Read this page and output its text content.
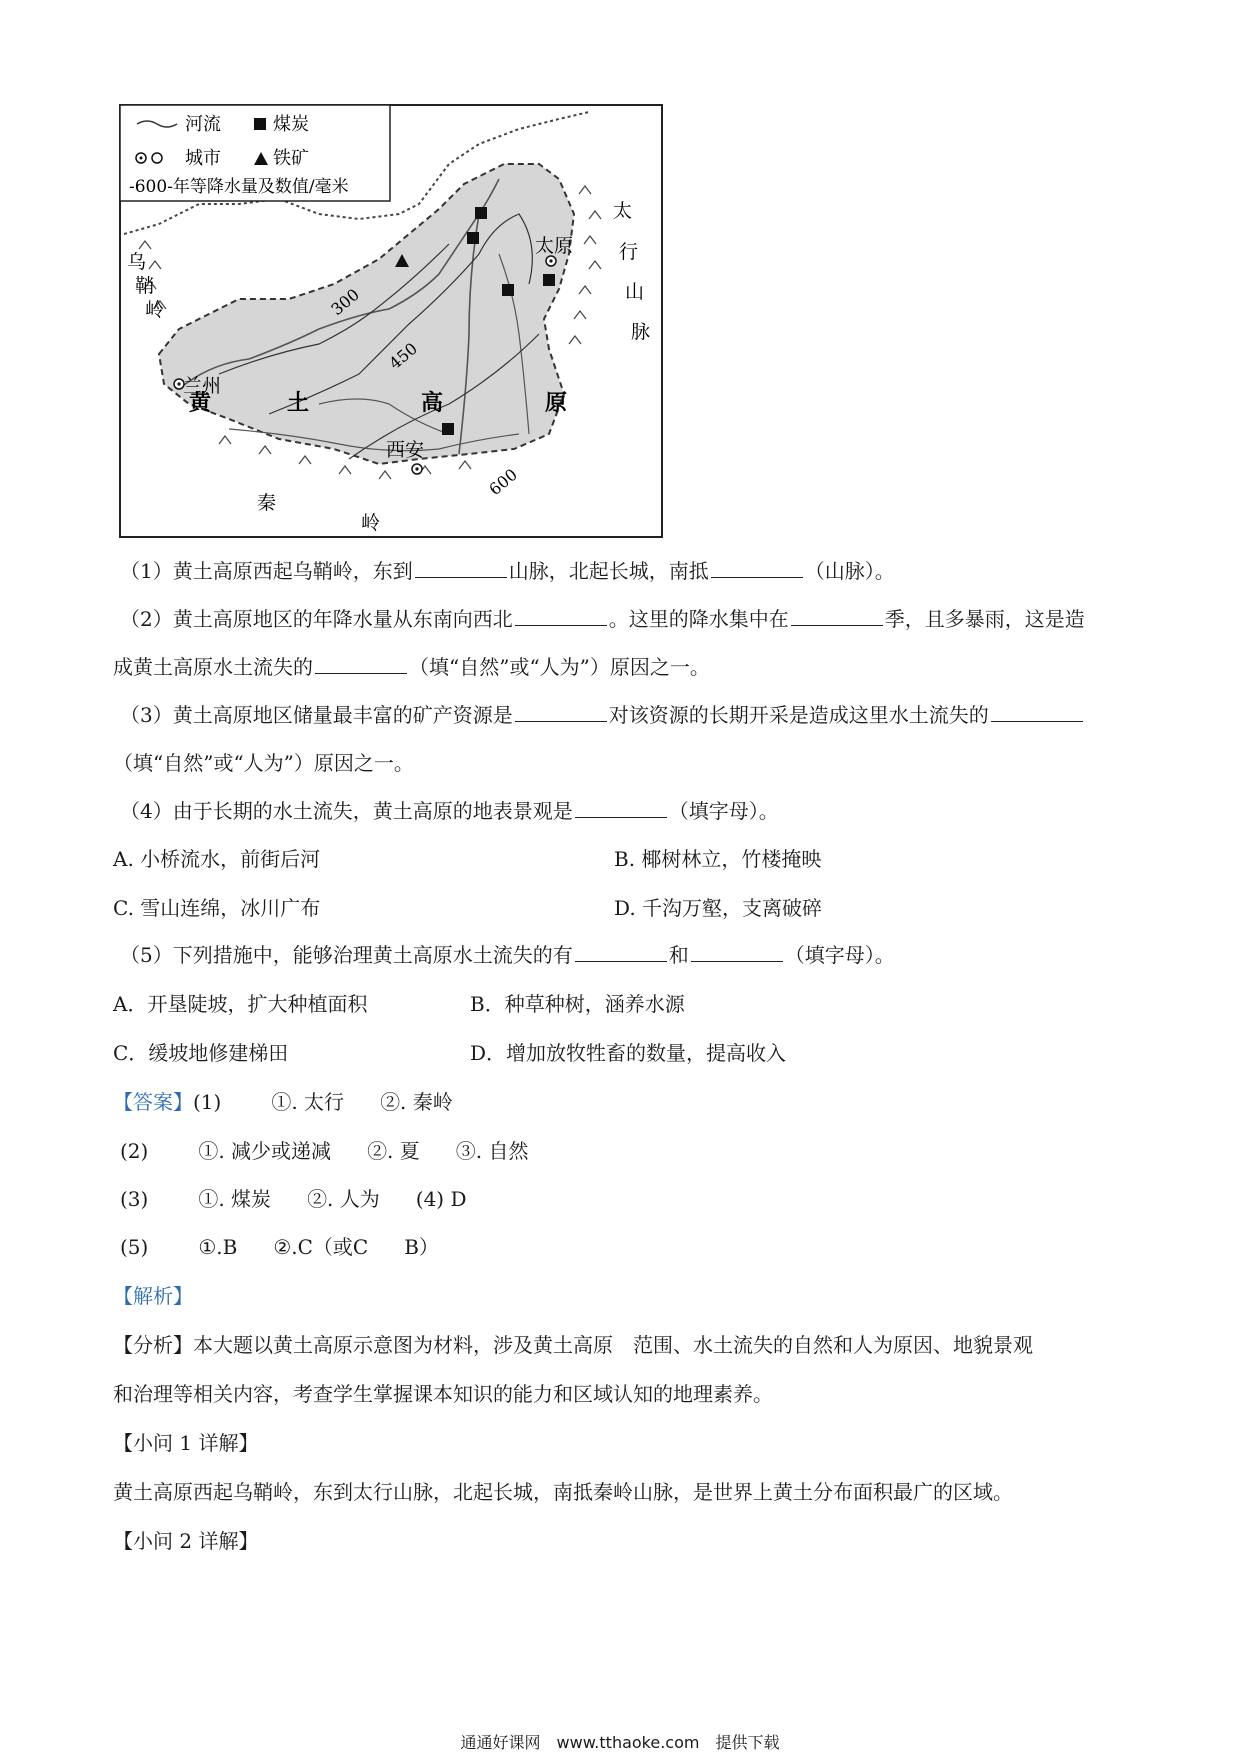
河流	煤炭
城市	铁矿
-600-年等降水量及数值/毫米
乌
鞘
岭
太
行
山
脉
太原
兰州
西安
黄	土	高	原
秦
岭
300
450
600
（1）黄土高原西起乌鞘岭，东到	山脉，北起长城，南抵	（山脉）。
（2）黄土高原地区的年降水量从东南向西北	。这里的降水集中在	季，且多暴雨，这是造
成黄土高原水土流失的	（填“自然”或“人为”）原因之一。
（3）黄土高原地区储量最丰富的矿产资源是	对该资源的长期开采是造成这里水土流失的
（填“自然”或“人为”）原因之一。
（4）由于长期的水土流失，黄土高原的地表景观是	（填字母）。
A. 小桥流水，前街后河	B. 椰树林立，竹楼掩映
C. 雪山连绵，冰川广布	D. 千沟万壑，支离破碎
（5）下列措施中，能够治理黄土高原水土流失的有	和	（填字母）。
A．开垦陡坡，扩大种植面积	B．种草种树，涵养水源
C．缓坡地修建梯田	D．增加放牧牲畜的数量，提高收入
【答案】(1)	①. 太行 ②. 秦岭
(2)	①. 减少或递减 ②. 夏 ③. 自然
(3)	①. 煤炭 ②. 人为 (4) D
(5)	①.B ②.C（或C B）
【解析】
【分析】本大题以黄土高原示意图为材料，涉及黄土高原　范围、水土流失的自然和人为原因、地貌景观
和治理等相关内容，考查学生掌握课本知识的能力和区域认知的地理素养。
【小问 1 详解】
黄土高原西起乌鞘岭，东到太行山脉，北起长城，南抵秦岭山脉，是世界上黄土分布面积最广的区域。
【小问 2 详解】
通通好课网　www.tthaoke.com　提供下载
